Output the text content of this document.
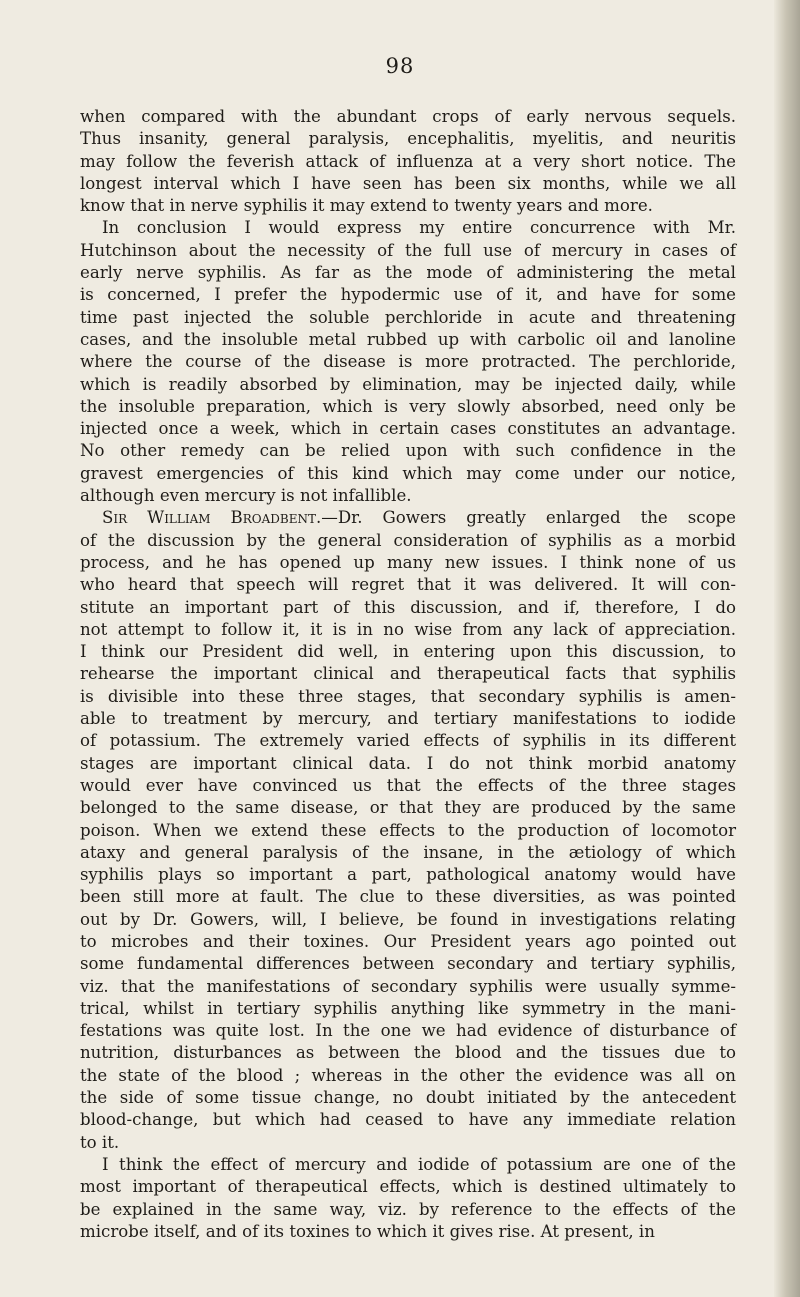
98
when compared with the abundant crops of early nervous sequels.
Thus insanity, general paralysis, encephalitis, myelitis, and neuritis
may follow the feverish attack of influenza at a very short notice. The
longest interval which I have seen has been six months, while we all
know that in nerve syphilis it may extend to twenty years and more.
In conclusion I would express my entire concurrence with Mr.
Hutchinson about the necessity of the full use of mercury in cases of
early nerve syphilis. As far as the mode of administering the metal
is concerned, I prefer the hypodermic use of it, and have for some
time past injected the soluble perchloride in acute and threatening
cases, and the insoluble metal rubbed up with carbolic oil and lanoline
where the course of the disease is more protracted. The perchloride,
which is readily absorbed by elimination, may be injected daily, while
the insoluble preparation, which is very slowly absorbed, need only be
injected once a week, which in certain cases constitutes an advantage.
No other remedy can be relied upon with such confidence in the
gravest emergencies of this kind which may come under our notice,
although even mercury is not infallible.
Sir William Broadbent.—Dr. Gowers greatly enlarged the scope
of the discussion by the general consideration of syphilis as a morbid
process, and he has opened up many new issues. I think none of us
who heard that speech will regret that it was delivered. It will con-
stitute an important part of this discussion, and if, therefore, I do
not attempt to follow it, it is in no wise from any lack of appreciation.
I think our President did well, in entering upon this discussion, to
rehearse the important clinical and therapeutical facts that syphilis
is divisible into these three stages, that secondary syphilis is amen-
able to treatment by mercury, and tertiary manifestations to iodide
of potassium. The extremely varied effects of syphilis in its different
stages are important clinical data. I do not think morbid anatomy
would ever have convinced us that the effects of the three stages
belonged to the same disease, or that they are produced by the same
poison. When we extend these effects to the production of locomotor
ataxy and general paralysis of the insane, in the ætiology of which
syphilis plays so important a part, pathological anatomy would have
been still more at fault. The clue to these diversities, as was pointed
out by Dr. Gowers, will, I believe, be found in investigations relating
to microbes and their toxines. Our President years ago pointed out
some fundamental differences between secondary and tertiary syphilis,
viz. that the manifestations of secondary syphilis were usually symme-
trical, whilst in tertiary syphilis anything like symmetry in the mani-
festations was quite lost. In the one we had evidence of disturbance of
nutrition, disturbances as between the blood and the tissues due to
the state of the blood ; whereas in the other the evidence was all on
the side of some tissue change, no doubt initiated by the antecedent
blood-change, but which had ceased to have any immediate relation
to it.
I think the effect of mercury and iodide of potassium are one of the
most important of therapeutical effects, which is destined ultimately to
be explained in the same way, viz. by reference to the effects of the
microbe itself, and of its toxines to which it gives rise. At present, in
